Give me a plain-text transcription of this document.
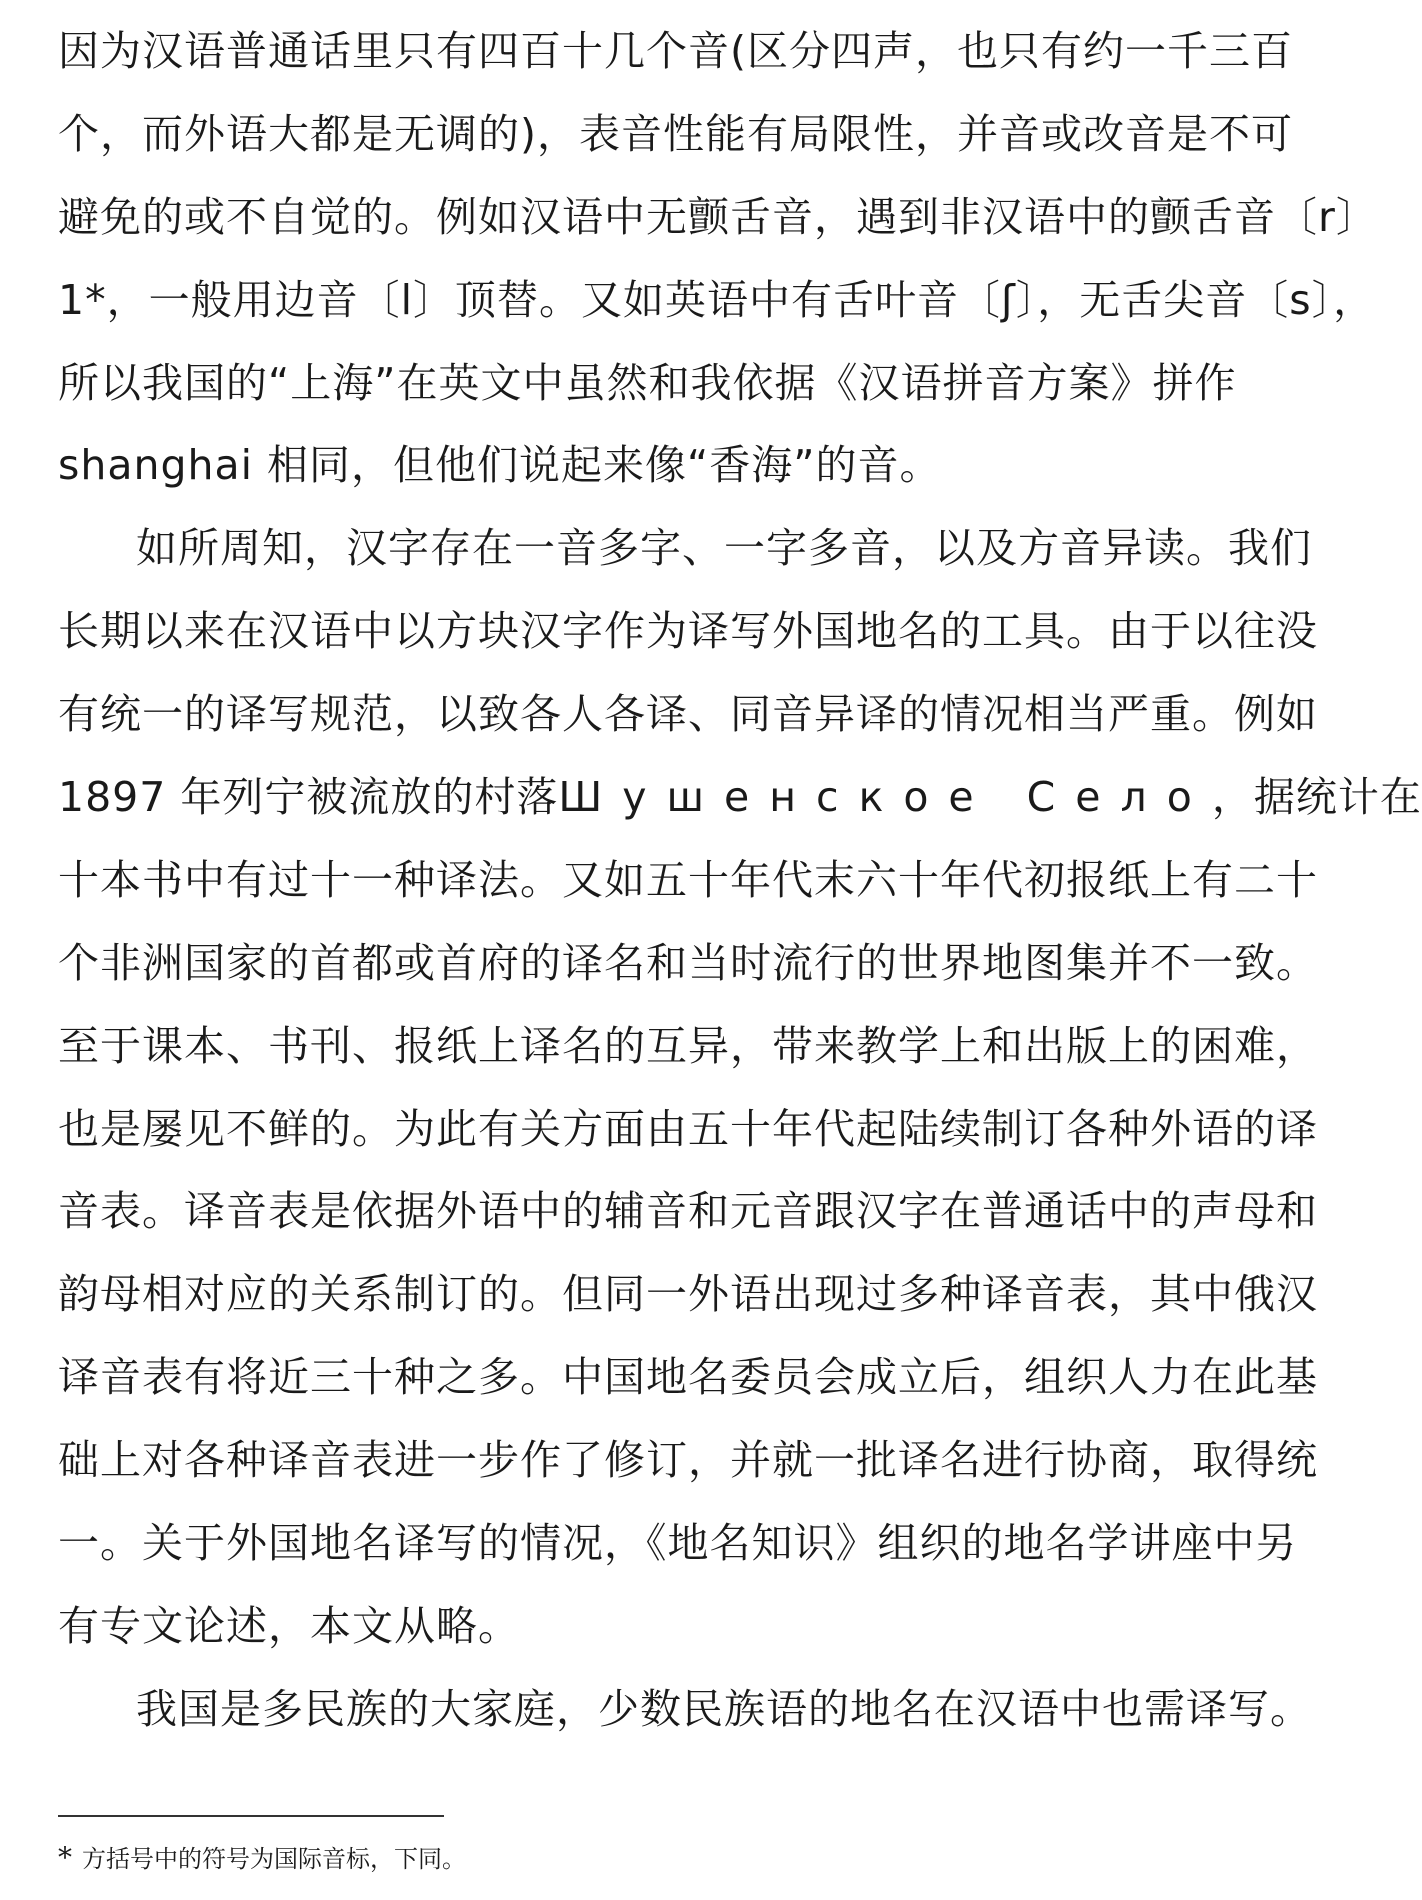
因为汉语普通话里只有四百十几个音(区分四声，也只有约一千三百
个，而外语大都是无调的)，表音性能有局限性，并音或改音是不可
避免的或不自觉的。例如汉语中无颤舌音，遇到非汉语中的颤舌音〔r〕
1*，一般用边音〔l〕顶替。又如英语中有舌叶音〔ʃ〕，无舌尖音〔s〕，
所以我国的“上海”在英文中虽然和我依据《汉语拼音方案》拼作
shanghai 相同，但他们说起来像“香海”的音。
如所周知，汉字存在一音多字、一字多音，以及方音异读。我们
长期以来在汉语中以方块汉字作为译写外国地名的工具。由于以往没
有统一的译写规范，以致各人各译、同音异译的情况相当严重。例如
1897 年列宁被流放的村落Шушенское Село，据统计在
十本书中有过十一种译法。又如五十年代末六十年代初报纸上有二十
个非洲国家的首都或首府的译名和当时流行的世界地图集并不一致。
至于课本、书刊、报纸上译名的互异，带来教学上和出版上的困难，
也是屡见不鲜的。为此有关方面由五十年代起陆续制订各种外语的译
音表。译音表是依据外语中的辅音和元音跟汉字在普通话中的声母和
韵母相对应的关系制订的。但同一外语出现过多种译音表，其中俄汉
译音表有将近三十种之多。中国地名委员会成立后，组织人力在此基
础上对各种译音表进一步作了修订，并就一批译名进行协商，取得统
一。关于外国地名译写的情况，《地名知识》组织的地名学讲座中另
有专文论述，本文从略。
我国是多民族的大家庭，少数民族语的地名在汉语中也需译写。
* 方括号中的符号为国际音标，下同。
